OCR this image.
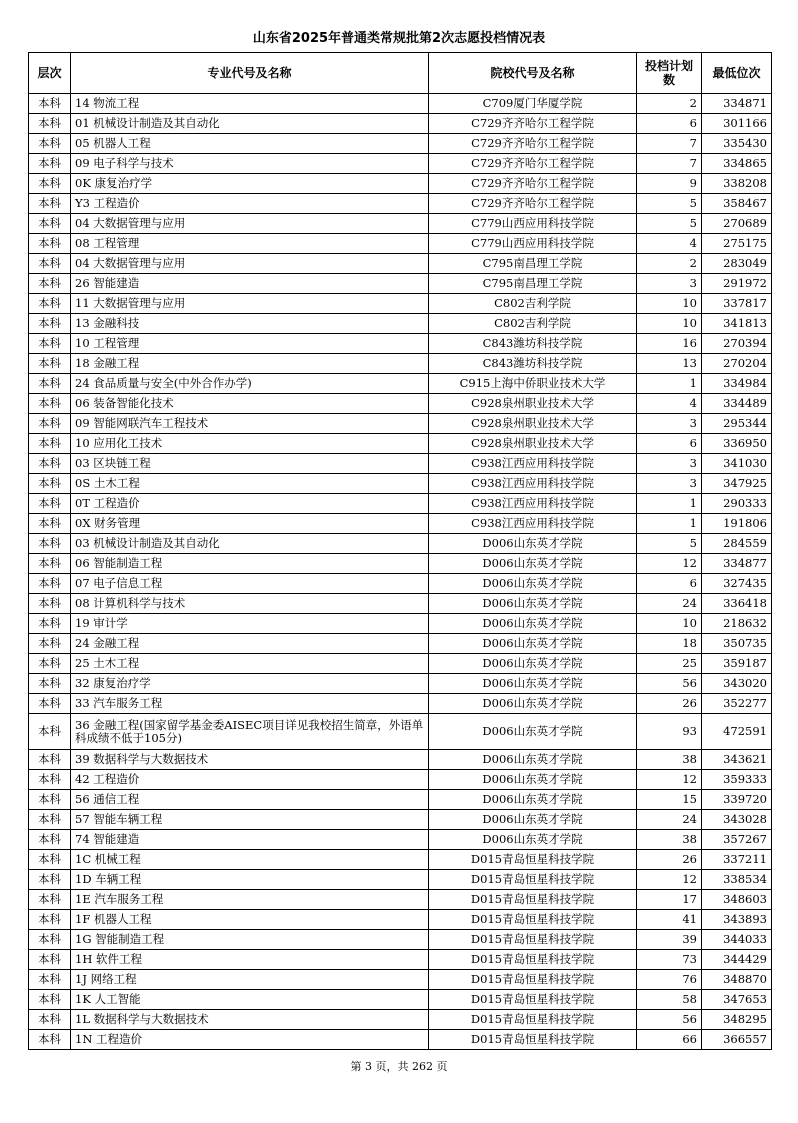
山东省2025年普通类常规批第2次志愿投档情况表
层次	专业代号及名称	院校代号及名称	投档计划数	最低位次
本科	14 物流工程	C709厦门华厦学院	2	334871
本科	01 机械设计制造及其自动化	C729齐齐哈尔工程学院	6	301166
本科	05 机器人工程	C729齐齐哈尔工程学院	7	335430
本科	09 电子科学与技术	C729齐齐哈尔工程学院	7	334865
本科	0K 康复治疗学	C729齐齐哈尔工程学院	9	338208
本科	Y3 工程造价	C729齐齐哈尔工程学院	5	358467
本科	04 大数据管理与应用	C779山西应用科技学院	5	270689
本科	08 工程管理	C779山西应用科技学院	4	275175
本科	04 大数据管理与应用	C795南昌理工学院	2	283049
本科	26 智能建造	C795南昌理工学院	3	291972
本科	11 大数据管理与应用	C802吉利学院	10	337817
本科	13 金融科技	C802吉利学院	10	341813
本科	10 工程管理	C843潍坊科技学院	16	270394
本科	18 金融工程	C843潍坊科技学院	13	270204
本科	24 食品质量与安全(中外合作办学)	C915上海中侨职业技术大学	1	334984
本科	06 装备智能化技术	C928泉州职业技术大学	4	334489
本科	09 智能网联汽车工程技术	C928泉州职业技术大学	3	295344
本科	10 应用化工技术	C928泉州职业技术大学	6	336950
本科	03 区块链工程	C938江西应用科技学院	3	341030
本科	0S 土木工程	C938江西应用科技学院	3	347925
本科	0T 工程造价	C938江西应用科技学院	1	290333
本科	0X 财务管理	C938江西应用科技学院	1	191806
本科	03 机械设计制造及其自动化	D006山东英才学院	5	284559
本科	06 智能制造工程	D006山东英才学院	12	334877
本科	07 电子信息工程	D006山东英才学院	6	327435
本科	08 计算机科学与技术	D006山东英才学院	24	336418
本科	19 审计学	D006山东英才学院	10	218632
本科	24 金融工程	D006山东英才学院	18	350735
本科	25 土木工程	D006山东英才学院	25	359187
本科	32 康复治疗学	D006山东英才学院	56	343020
本科	33 汽车服务工程	D006山东英才学院	26	352277
本科	36 金融工程(国家留学基金委AISEC项目详见我校招生简章，外语单科成绩不低于105分)	D006山东英才学院	93	472591
本科	39 数据科学与大数据技术	D006山东英才学院	38	343621
本科	42 工程造价	D006山东英才学院	12	359333
本科	56 通信工程	D006山东英才学院	15	339720
本科	57 智能车辆工程	D006山东英才学院	24	343028
本科	74 智能建造	D006山东英才学院	38	357267
本科	1C 机械工程	D015青岛恒星科技学院	26	337211
本科	1D 车辆工程	D015青岛恒星科技学院	12	338534
本科	1E 汽车服务工程	D015青岛恒星科技学院	17	348603
本科	1F 机器人工程	D015青岛恒星科技学院	41	343893
本科	1G 智能制造工程	D015青岛恒星科技学院	39	344033
本科	1H 软件工程	D015青岛恒星科技学院	73	344429
本科	1J 网络工程	D015青岛恒星科技学院	76	348870
本科	1K 人工智能	D015青岛恒星科技学院	58	347653
本科	1L 数据科学与大数据技术	D015青岛恒星科技学院	56	348295
本科	1N 工程造价	D015青岛恒星科技学院	66	366557
第 3 页，共 262 页
